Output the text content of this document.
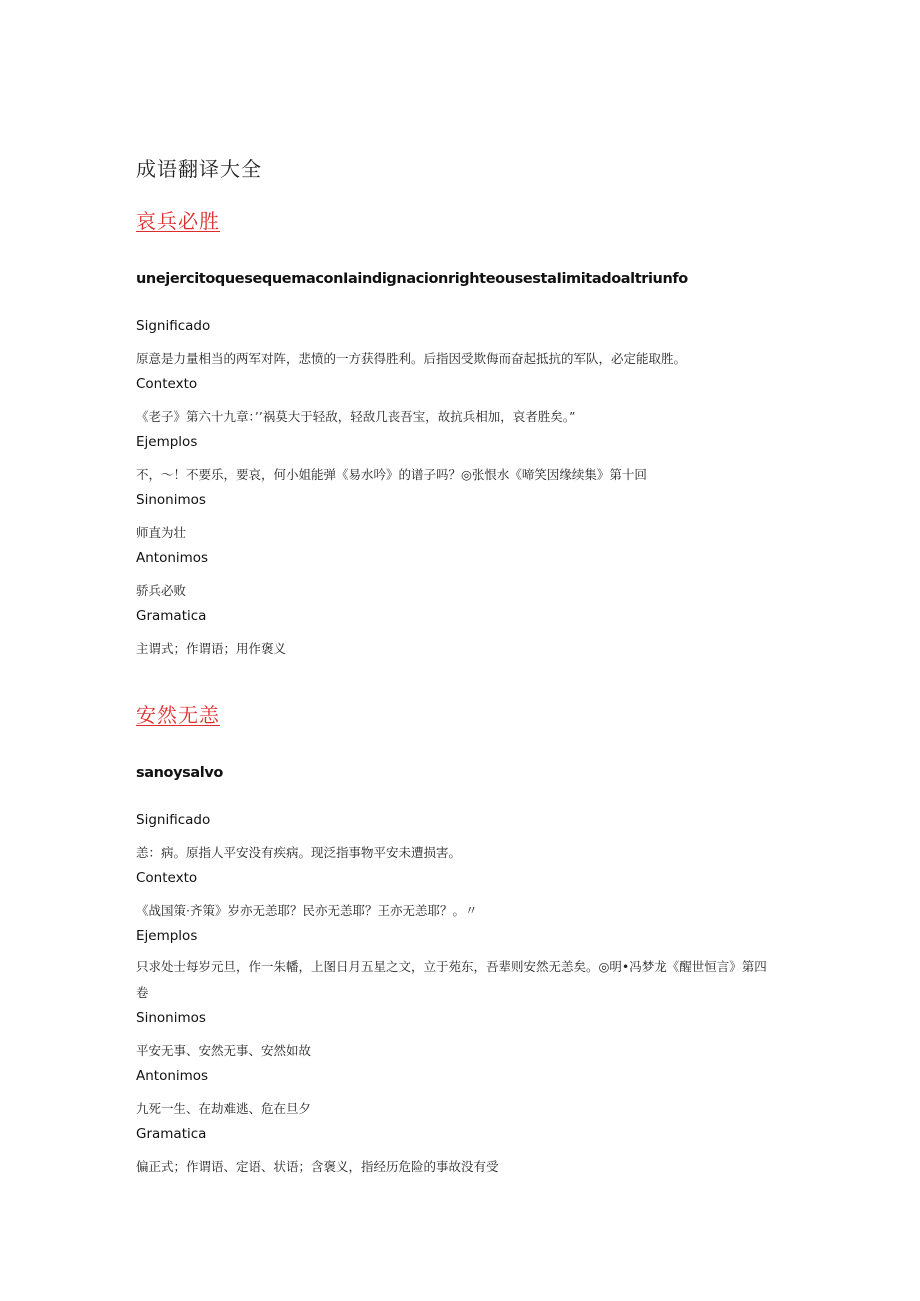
成语翻译大全
哀兵必胜
unejercitoquesequemaconIaindignacionrighteousestaIimitadoaltriunfo
Significado
原意是力量相当的两军对阵，悲愤的一方获得胜利。后指因受欺侮而奋起抵抗的军队，必定能取胜。
Contexto
《老子》第六十九章：’’祸莫大于轻敌，轻敌几丧吾宝，故抗兵相加，哀者胜矣。”
Ejemplos
不，～！不要乐，要哀，何小姐能弹《易水吟》的谱子吗？◎张恨水《啼笑因缘续集》第十回
Sinonimos
师直为壮
Antonimos
骄兵必败
Gramatica
主谓式；作谓语；用作褒义
安然无恙
sanoysalvo
Significado
恙：病。原指人平安没有疾病。现泛指事物平安未遭损害。
Contexto
《战国策·齐策》岁亦无恙耶？民亦无恙耶？王亦无恙耶？。〃
Ejemplos
只求处士每岁元旦，作一朱幡，上图日月五星之文，立于苑东，吾辈则安然无恙矣。◎明•冯梦龙《醒世恒言》第四卷
Sinonimos
平安无事、安然无事、安然如故
Antonimos
九死一生、在劫难逃、危在旦夕
Gramatica
偏正式；作谓语、定语、状语；含褒义，指经历危险的事故没有受
